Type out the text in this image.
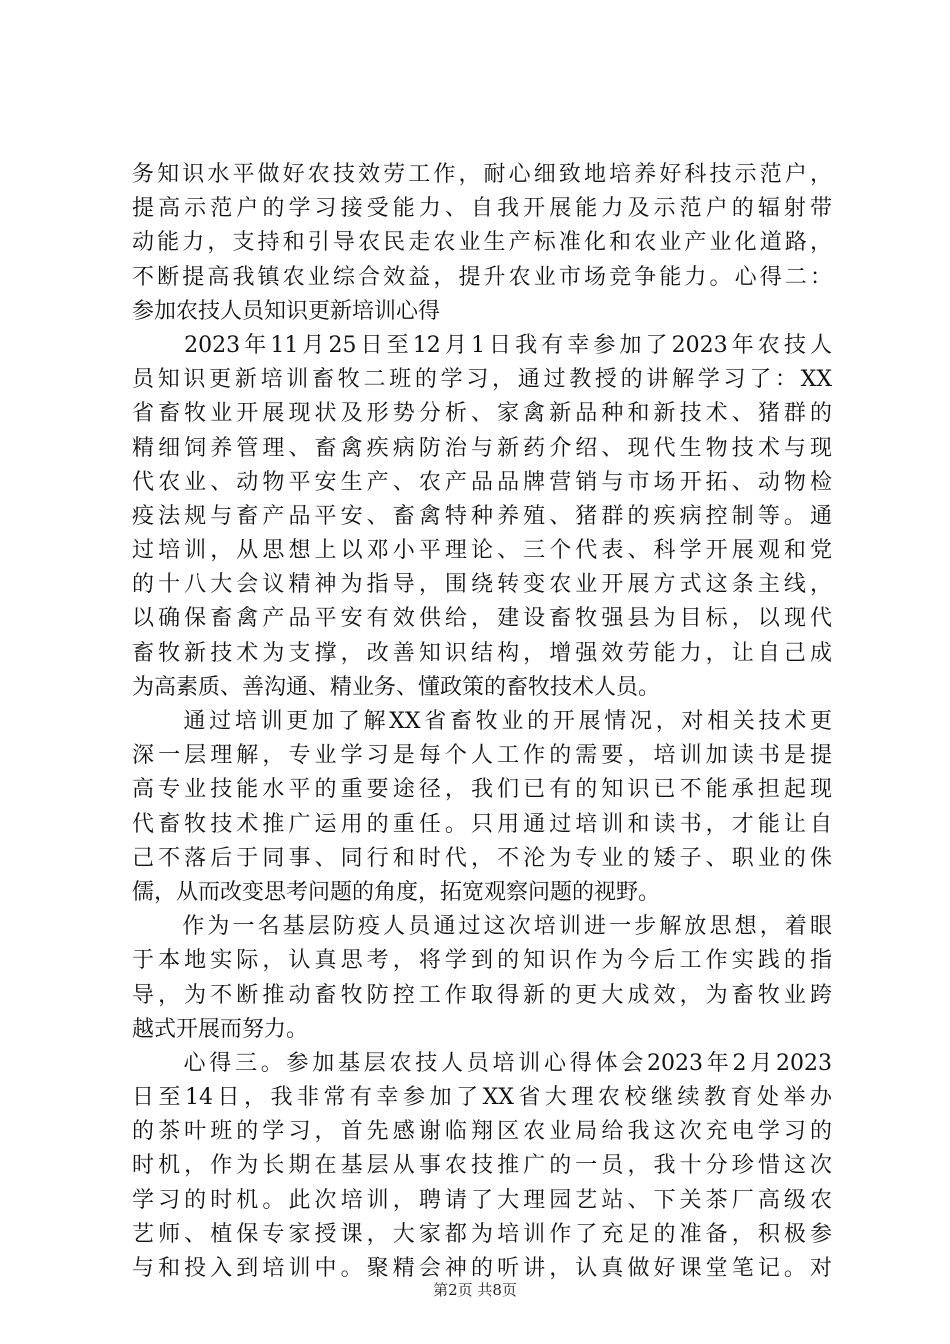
务知识水平做好农技效劳工作，耐心细致地培养好科技示范户，
提高示范户的学习接受能力、自我开展能力及示范户的辐射带
动能力，支持和引导农民走农业生产标准化和农业产业化道路，
不断提高我镇农业综合效益，提升农业市场竞争能力。心得二：
参加农技人员知识更新培训心得
　　2023年11月25日至12月1日我有幸参加了2023年农技人
员知识更新培训畜牧二班的学习，通过教授的讲解学习了：XX
省畜牧业开展现状及形势分析、家禽新品种和新技术、猪群的
精细饲养管理、畜禽疾病防治与新药介绍、现代生物技术与现
代农业、动物平安生产、农产品品牌营销与市场开拓、动物检
疫法规与畜产品平安、畜禽特种养殖、猪群的疾病控制等。通
过培训，从思想上以邓小平理论、三个代表、科学开展观和党
的十八大会议精神为指导，围绕转变农业开展方式这条主线，
以确保畜禽产品平安有效供给，建设畜牧强县为目标，以现代
畜牧新技术为支撑，改善知识结构，增强效劳能力，让自己成
为高素质、善沟通、精业务、懂政策的畜牧技术人员。
　　通过培训更加了解XX省畜牧业的开展情况，对相关技术更
深一层理解，专业学习是每个人工作的需要，培训加读书是提
高专业技能水平的重要途径，我们已有的知识已不能承担起现
代畜牧技术推广运用的重任。只用通过培训和读书，才能让自
己不落后于同事、同行和时代，不沦为专业的矮子、职业的侏
儒，从而改变思考问题的角度，拓宽观察问题的视野。
　　作为一名基层防疫人员通过这次培训进一步解放思想，着眼
于本地实际，认真思考，将学到的知识作为今后工作实践的指
导，为不断推动畜牧防控工作取得新的更大成效，为畜牧业跨
越式开展而努力。
　　心得三。参加基层农技人员培训心得体会2023年2月2023
日至14日，我非常有幸参加了XX省大理农校继续教育处举办
的茶叶班的学习，首先感谢临翔区农业局给我这次充电学习的
时机，作为长期在基层从事农技推广的一员，我十分珍惜这次
学习的时机。此次培训，聘请了大理园艺站、下关茶厂高级农
艺师、植保专家授课，大家都为培训作了充足的准备，积极参
与和投入到培训中。聚精会神的听讲，认真做好课堂笔记。对
第2页 共8页
